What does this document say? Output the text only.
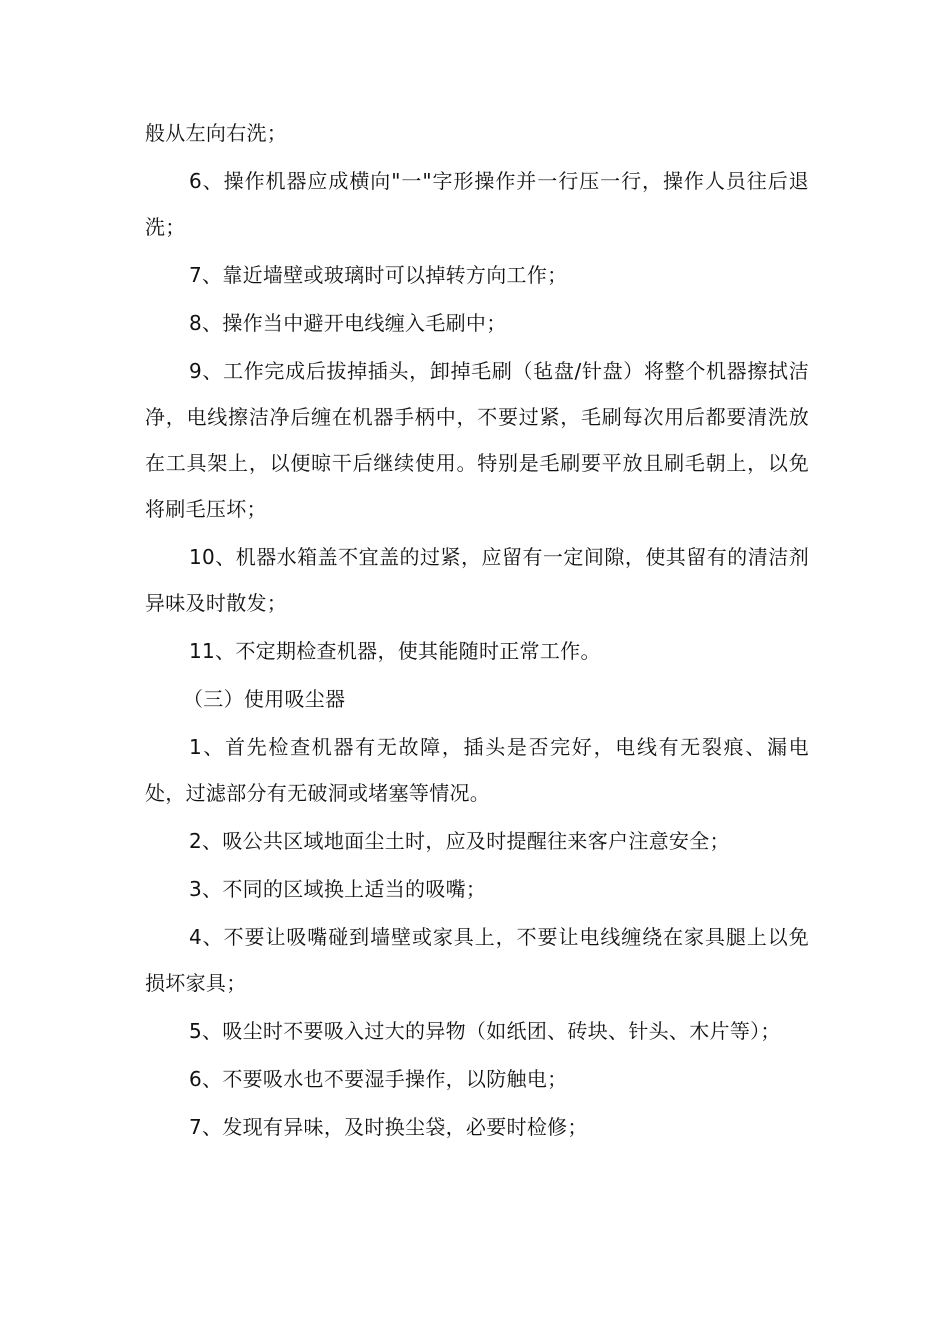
般从左向右洗；

6、操作机器应成横向"一"字形操作并一行压一行，操作人员往后退洗；

7、靠近墙壁或玻璃时可以掉转方向工作；

8、操作当中避开电线缠入毛刷中；

9、工作完成后拔掉插头，卸掉毛刷（毡盘/针盘）将整个机器擦拭洁净，电线擦洁净后缠在机器手柄中，不要过紧，毛刷每次用后都要清洗放在工具架上，以便晾干后继续使用。特别是毛刷要平放且刷毛朝上，以免将刷毛压坏；

10、机器水箱盖不宜盖的过紧，应留有一定间隙，使其留有的清洁剂异味及时散发；

11、不定期检查机器，使其能随时正常工作。

（三）使用吸尘器

1、首先检查机器有无故障，插头是否完好，电线有无裂痕、漏电处，过滤部分有无破洞或堵塞等情况。

2、吸公共区域地面尘土时，应及时提醒往来客户注意安全；

3、不同的区域换上适当的吸嘴；

4、不要让吸嘴碰到墙壁或家具上，不要让电线缠绕在家具腿上以免损坏家具；

5、吸尘时不要吸入过大的异物（如纸团、砖块、针头、木片等）；

6、不要吸水也不要湿手操作，以防触电；

7、发现有异味，及时换尘袋，必要时检修；
